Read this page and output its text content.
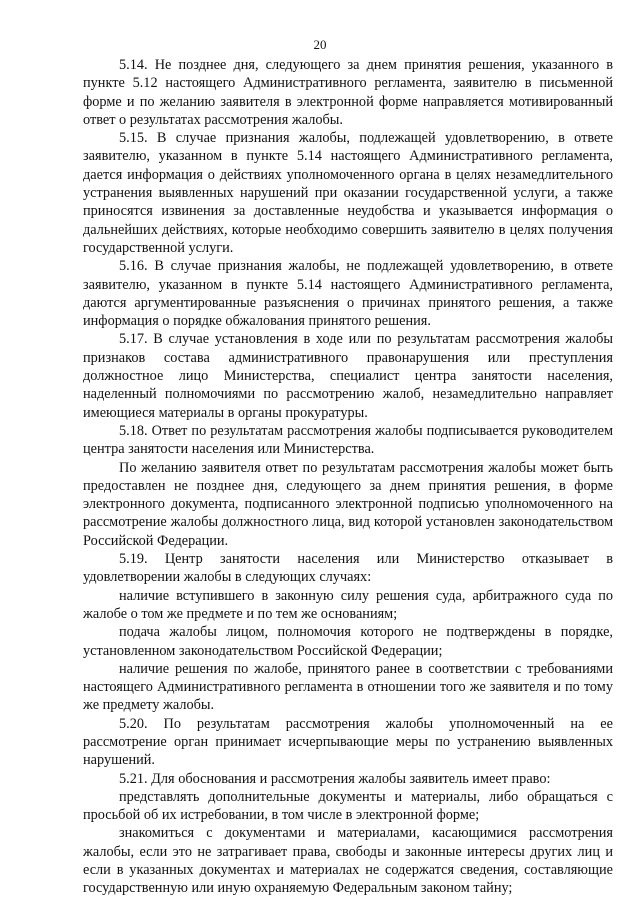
20

5.14. Не позднее дня, следующего за днем принятия решения, указанного в пункте 5.12 настоящего Административного регламента, заявителю в письменной форме и по желанию заявителя в электронной форме направляется мотивированный ответ о результатах рассмотрения жалобы.

5.15. В случае признания жалобы, подлежащей удовлетворению, в ответе заявителю, указанном в пункте 5.14 настоящего Административного регламента, дается информация о действиях уполномоченного органа в целях незамедлительного устранения выявленных нарушений при оказании государственной услуги, а также приносятся извинения за доставленные неудобства и указывается информация о дальнейших действиях, которые необходимо совершить заявителю в целях получения государственной услуги.

5.16. В случае признания жалобы, не подлежащей удовлетворению, в ответе заявителю, указанном в пункте 5.14 настоящего Административного регламента, даются аргументированные разъяснения о причинах принятого решения, а также информация о порядке обжалования принятого решения.

5.17. В случае установления в ходе или по результатам рассмотрения жалобы признаков состава административного правонарушения или преступления должностное лицо Министерства, специалист центра занятости населения, наделенный полномочиями по рассмотрению жалоб, незамедлительно направляет имеющиеся материалы в органы прокуратуры.

5.18. Ответ по результатам рассмотрения жалобы подписывается руководителем центра занятости населения или Министерства.

По желанию заявителя ответ по результатам рассмотрения жалобы может быть предоставлен не позднее дня, следующего за днем принятия решения, в форме электронного документа, подписанного электронной подписью уполномоченного на рассмотрение жалобы должностного лица, вид которой установлен законодательством Российской Федерации.

5.19. Центр занятости населения или Министерство отказывает в удовлетворении жалобы в следующих случаях:

наличие вступившего в законную силу решения суда, арбитражного суда по жалобе о том же предмете и по тем же основаниям;

подача жалобы лицом, полномочия которого не подтверждены в порядке, установленном законодательством Российской Федерации;

наличие решения по жалобе, принятого ранее в соответствии с требованиями настоящего Административного регламента в отношении того же заявителя и по тому же предмету жалобы.

5.20. По результатам рассмотрения жалобы уполномоченный на ее рассмотрение орган принимает исчерпывающие меры по устранению выявленных нарушений.

5.21. Для обоснования и рассмотрения жалобы заявитель имеет право:

представлять дополнительные документы и материалы, либо обращаться с просьбой об их истребовании, в том числе в электронной форме;

знакомиться с документами и материалами, касающимися рассмотрения жалобы, если это не затрагивает права, свободы и законные интересы других лиц и если в указанных документах и материалах не содержатся сведения, составляющие государственную или иную охраняемую Федеральным законом тайну;
